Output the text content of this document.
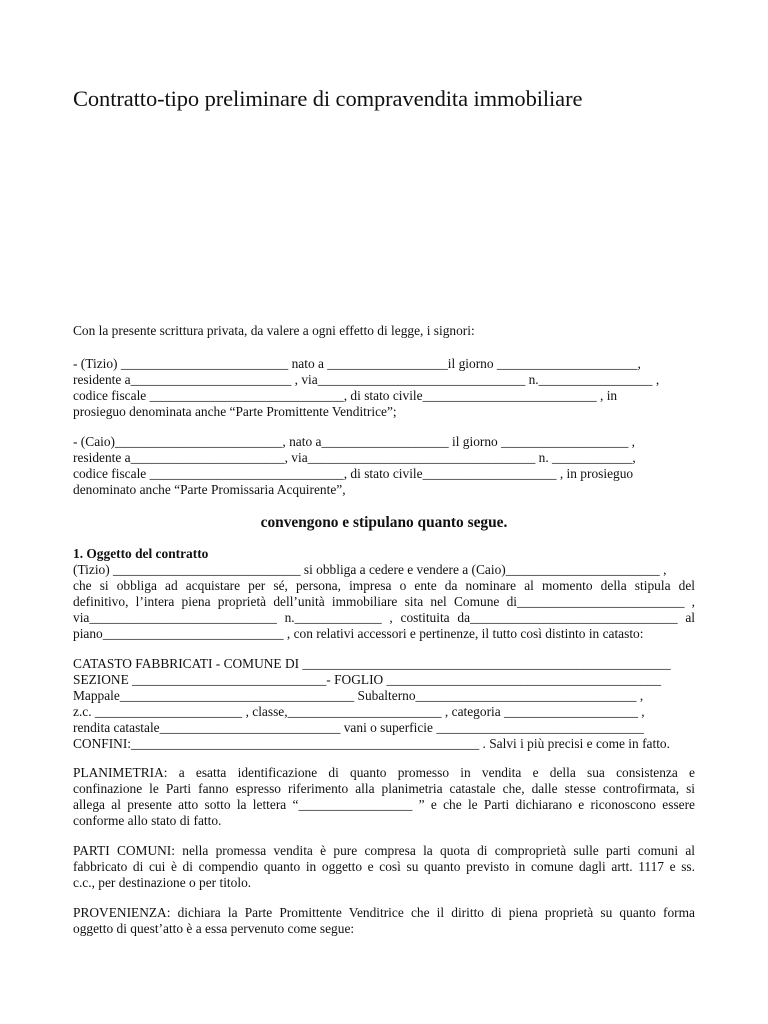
Contratto-tipo preliminare di compravendita immobiliare
Con la presente scrittura privata, da valere a ogni effetto di legge, i signori:
- (Tizio) _________________________ nato a __________________il giorno _____________________,
residente a________________________ , via_______________________________ n._________________ ,
codice fiscale _____________________________, di stato civile__________________________ , in
prosieguo denominata anche “Parte Promittente Venditrice”;
- (Caio)_________________________, nato a___________________ il giorno ___________________ ,
residente a_______________________, via__________________________________ n. ____________,
codice fiscale _____________________________, di stato civile____________________ , in prosieguo
denominato anche “Parte Promissaria Acquirente”,
convengono e stipulano quanto segue.
1. Oggetto del contratto
(Tizio) ____________________________ si obbliga a cedere e vendere a (Caio)_______________________ ,
che si obbliga ad acquistare per sé, persona, impresa o ente da nominare al momento della stipula del
definitivo, l’intera piena proprietà dell’unità immobiliare sita nel Comune di_________________________ ,
via____________________________ n._____________ , costituita da_______________________________ al
piano___________________________ , con relativi accessori e pertinenze, il tutto così distinto in catasto:
CATASTO FABBRICATI - COMUNE DI _______________________________________________________
SEZIONE _____________________________- FOGLIO _________________________________________
Mappale___________________________________ Subalterno_________________________________ ,
z.c. ______________________ , classe,_______________________ , categoria ____________________ ,
rendita catastale___________________________ vani o superficie _______________________________
CONFINI:____________________________________________________ . Salvi i più precisi e come in fatto.
PLANIMETRIA: a esatta identificazione di quanto promesso in vendita e della sua consistenza e
confinazione le Parti fanno espresso riferimento alla planimetria catastale che, dalle stesse controfirmata, si
allega al presente atto sotto la lettera “_________________ ” e che le Parti dichiarano e riconoscono essere
conforme allo stato di fatto.
PARTI COMUNI: nella promessa vendita è pure compresa la quota di comproprietà sulle parti comuni al
fabbricato di cui è di compendio quanto in oggetto e così su quanto previsto in comune dagli artt. 1117 e ss.
c.c., per destinazione o per titolo.
PROVENIENZA: dichiara la Parte Promittente Venditrice che il diritto di piena proprietà su quanto forma
oggetto di quest’atto è a essa pervenuto come segue:
